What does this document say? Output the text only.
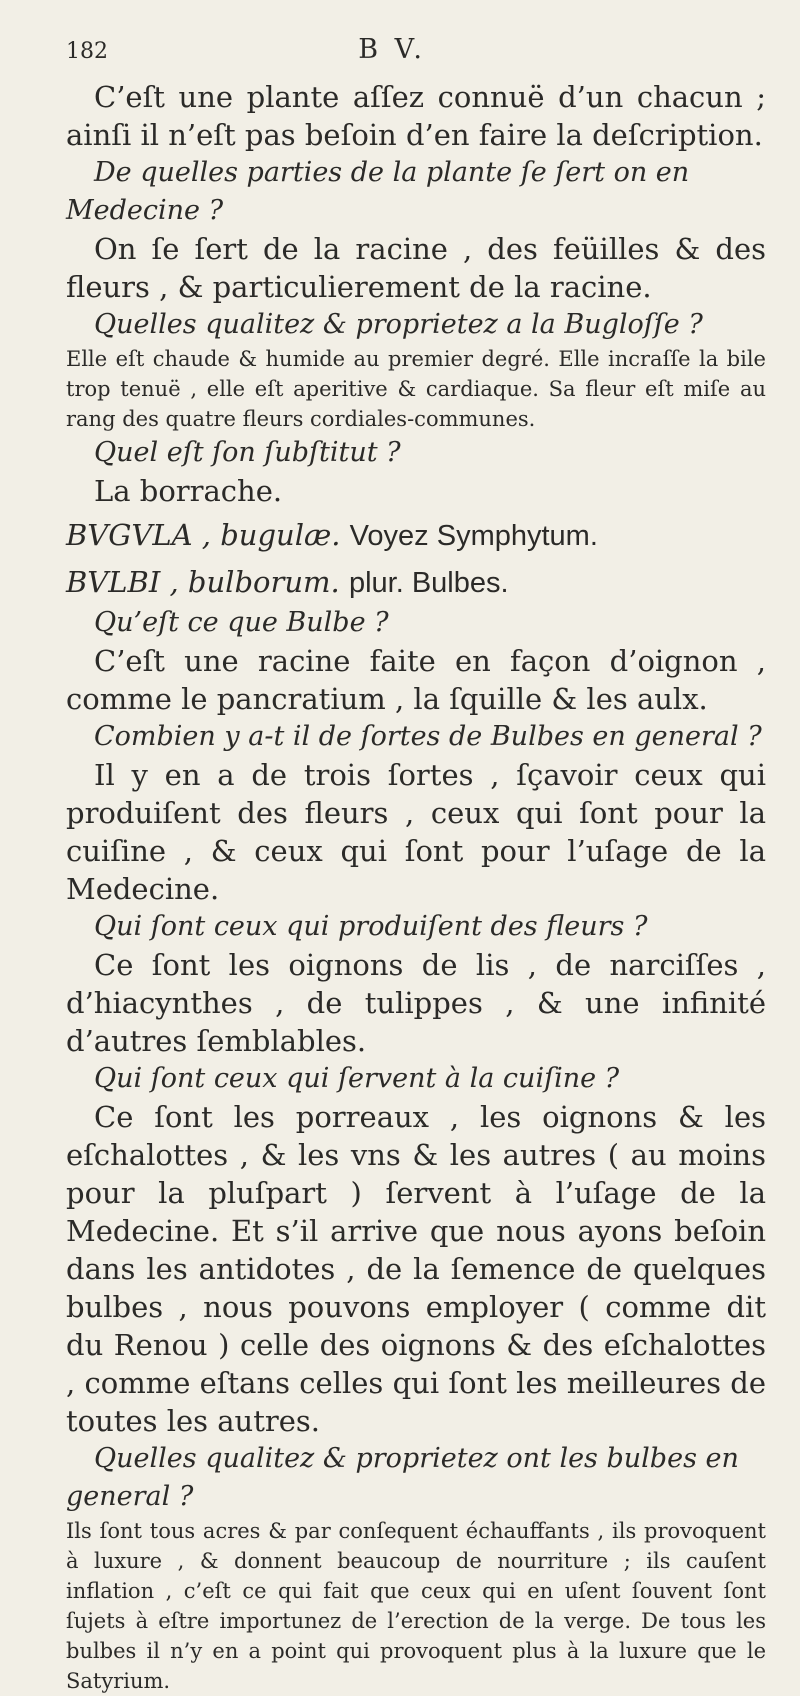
182	B V.

C’eſt une plante aſſez connuë d’un chacun ; ainſi il n’eſt pas beſoin d’en faire la deſcription.

De quelles parties de la plante ſe ſert on en Medecine ?

On ſe ſert de la racine , des feüilles & des fleurs , & particulierement de la racine.

Quelles qualitez & proprietez a la Bugloſſe ?

Elle eſt chaude & humide au premier degré. Elle incraſſe la bile trop tenuë , elle eſt aperitive & cardiaque. Sa fleur eſt miſe au rang des quatre fleurs cordiales-communes.

Quel eſt ſon ſubſtitut ?

La borrache.

BVGVLA , bugulæ. Voyez Symphytum.

BVLBI , bulborum. plur. Bulbes.

Qu’eſt ce que Bulbe ?

C’eſt une racine faite en façon d’oignon , comme le pancratium , la ſquille & les aulx.

Combien y a-t il de ſortes de Bulbes en general ?

Il y en a de trois ſortes , ſçavoir ceux qui produiſent des fleurs , ceux qui ſont pour la cuiſine , & ceux qui ſont pour l’uſage de la Medecine.

Qui ſont ceux qui produiſent des fleurs ?

Ce ſont les oignons de lis , de narciſſes , d’hiacynthes , de tulippes , & une infinité d’autres ſemblables.

Qui ſont ceux qui ſervent à la cuiſine ?

Ce ſont les porreaux , les oignons & les eſchalottes , & les vns & les autres ( au moins pour la pluſpart ) ſervent à l’uſage de la Medecine. Et s’il arrive que nous ayons beſoin dans les antidotes , de la ſemence de quelques bulbes , nous pouvons employer ( comme dit du Renou ) celle des oignons & des eſchalottes , comme eſtans celles qui ſont les meilleures de toutes les autres.

Quelles qualitez & proprietez ont les bulbes en general ?

Ils ſont tous acres & par conſequent échauffants , ils provoquent à luxure , & donnent beaucoup de nourriture ; ils cauſent inflation , c’eſt ce qui fait que ceux qui en uſent ſouvent ſont ſujets à eſtre importunez de l’erection de la verge. De tous les bulbes il n’y en a point qui provoquent plus à la luxure que le Satyrium.
